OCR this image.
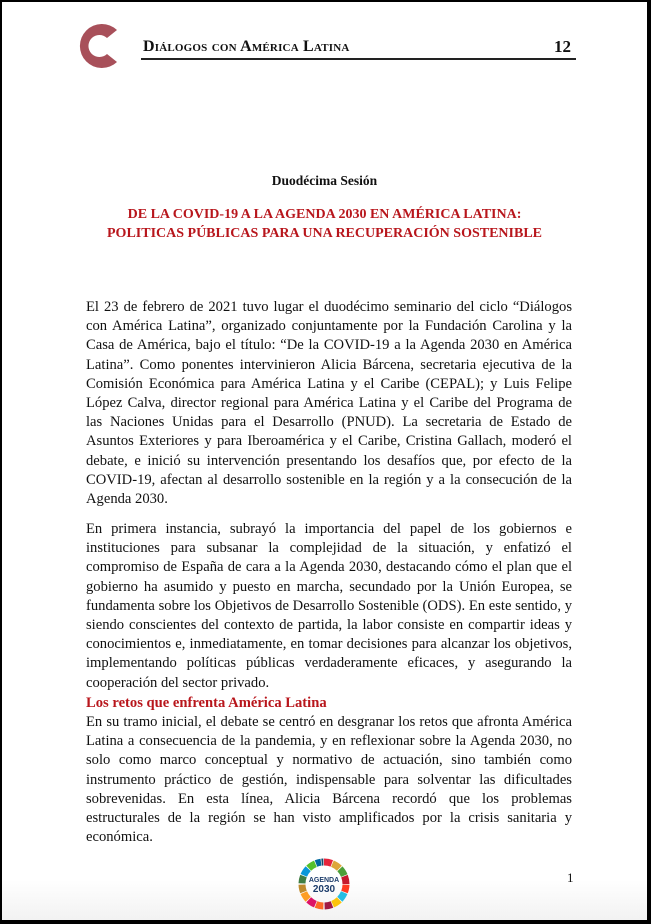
Diálogos con América Latina	12
Duodécima Sesión
DE LA COVID-19 A LA AGENDA 2030 EN AMÉRICA LATINA:
POLITICAS PÚBLICAS PARA UNA RECUPERACIÓN SOSTENIBLE

El 23 de febrero de 2021 tuvo lugar el duodécimo seminario del ciclo “Diálogos con América Latina”, organizado conjuntamente por la Fundación Carolina y la Casa de América, bajo el título: “De la COVID-19 a la Agenda 2030 en América Latina”. Como ponentes intervinieron Alicia Bárcena, secretaria ejecutiva de la Comisión Económica para América Latina y el Caribe (CEPAL); y Luis Felipe López Calva, director regional para América Latina y el Caribe del Programa de las Naciones Unidas para el Desarrollo (PNUD). La secretaria de Estado de Asuntos Exteriores y para Iberoamérica y el Caribe, Cristina Gallach, moderó el debate, e inició su intervención presentando los desafíos que, por efecto de la COVID-19, afectan al desarrollo sostenible en la región y a la consecución de la Agenda 2030.

En primera instancia, subrayó la importancia del papel de los gobiernos e instituciones para subsanar la complejidad de la situación, y enfatizó el compromiso de España de cara a la Agenda 2030, destacando cómo el plan que el gobierno ha asumido y puesto en marcha, secundado por la Unión Europea, se fundamenta sobre los Objetivos de Desarrollo Sostenible (ODS). En este sentido, y siendo conscientes del contexto de partida, la labor consiste en compartir ideas y conocimientos e, inmediatamente, en tomar decisiones para alcanzar los objetivos, implementando políticas públicas verdaderamente eficaces, y asegurando la cooperación del sector privado.

Los retos que enfrenta América Latina

En su tramo inicial, el debate se centró en desgranar los retos que afronta América Latina a consecuencia de la pandemia, y en reflexionar sobre la Agenda 2030, no solo como marco conceptual y normativo de actuación, sino también como instrumento práctico de gestión, indispensable para solventar las dificultades sobrevenidas. En esta línea, Alicia Bárcena recordó que los problemas estructurales de la región se han visto amplificados por la crisis sanitaria y económica.

AGENDA
2030
1
